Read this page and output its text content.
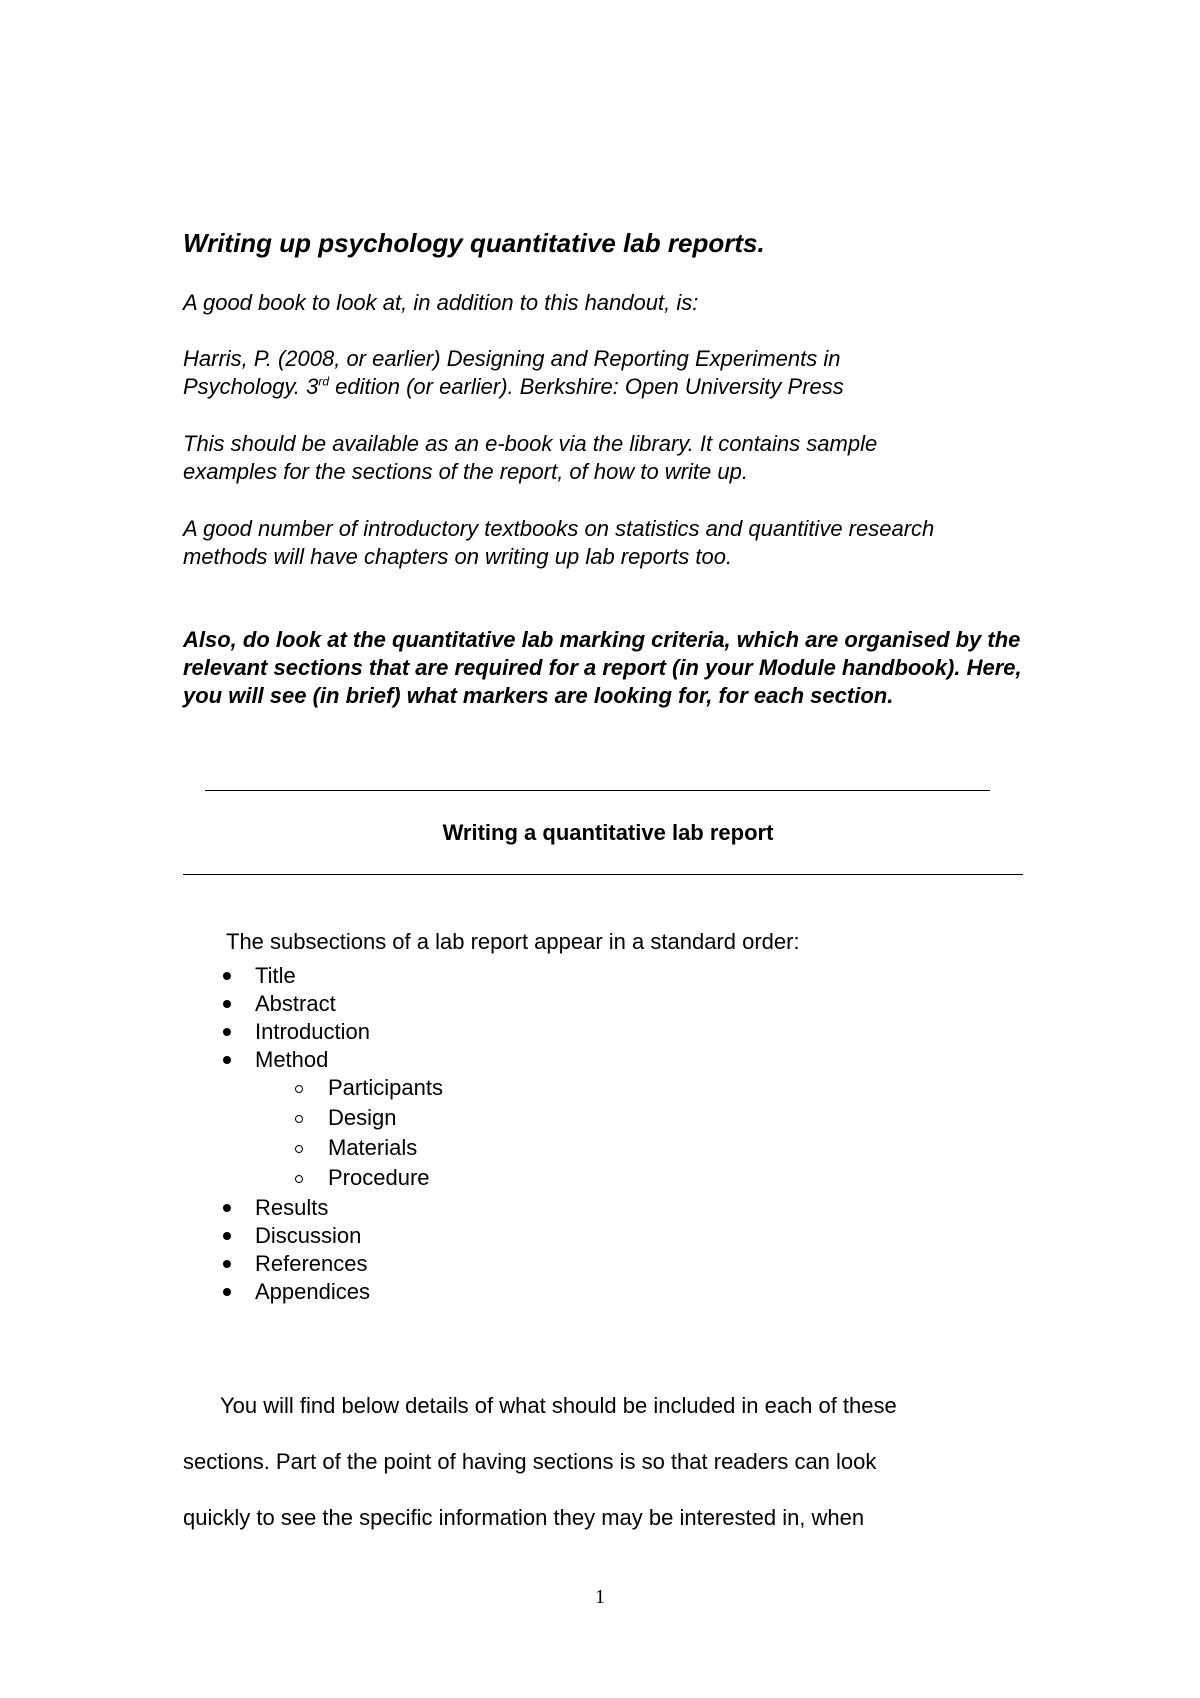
Writing up psychology quantitative lab reports.

A good book to look at, in addition to this handout, is:

Harris, P. (2008, or earlier) Designing and Reporting Experiments in
Psychology. 3rd edition (or earlier). Berkshire: Open University Press

This should be available as an e-book via the library. It contains sample examples for the sections of the report, of how to write up.

A good number of introductory textbooks on statistics and quantitive research methods will have chapters on writing up lab reports too.

Also, do look at the quantitative lab marking criteria, which are organised by the relevant sections that are required for a report (in your Module handbook). Here, you will see (in brief) what markers are looking for, for each section.

Writing a quantitative lab report

The subsections of a lab report appear in a standard order:

Title
Abstract
Introduction
Method
Participants
Design
Materials
Procedure
Results
Discussion
References
Appendices

You will find below details of what should be included in each of these

sections. Part of the point of having sections is so that readers can look

quickly to see the specific information they may be interested in, when

1
